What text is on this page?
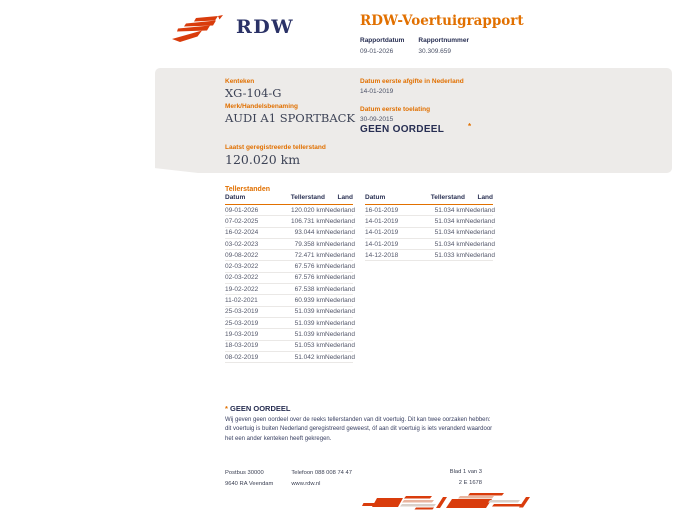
RDW	RDW-Voertuigrapport
Rapportdatum
09-01-2026
Rapportnummer
30.309.659
Kenteken
XG-104-G
Merk/Handelsbenaming
AUDI A1 SPORTBACK
Laatst geregistreerde tellerstand
120.020 km
Datum eerste afgifte in Nederland
14-01-2019
Datum eerste toelating
30-09-2015
GEEN OORDEEL	*
Tellerstanden
Datum	Tellerstand	Land
09-01-2026	120.020 km Nederland
07-02-2025	106.731 km Nederland
16-02-2024	93.044 km Nederland
03-02-2023	79.358 km Nederland
09-08-2022	72.471 km Nederland
02-03-2022	67.576 km Nederland
02-03-2022	67.576 km Nederland
19-02-2022	67.538 km Nederland
11-02-2021	60.939 km Nederland
25-03-2019	51.039 km Nederland
25-03-2019	51.039 km Nederland
19-03-2019	51.039 km Nederland
18-03-2019	51.053 km Nederland
08-02-2019	51.042 km Nederland
Datum	Tellerstand	Land
16-01-2019	51.034 km Nederland
14-01-2019	51.034 km Nederland
14-01-2019	51.034 km Nederland
14-01-2019	51.034 km Nederland
14-12-2018	51.033 km Nederland
* GEEN OORDEEL
Wij geven geen oordeel over de reeks tellerstanden van dit voertuig. Dit kan twee oorzaken hebben: dit voertuig is buiten Nederland geregistreerd geweest, óf aan dit voertuig is iets veranderd waardoor het een ander kenteken heeft gekregen.
Postbus 30000
9640 RA Veendam
Telefoon 088 008 74 47
www.rdw.nl
Blad 1 van 3
2 E 1678
